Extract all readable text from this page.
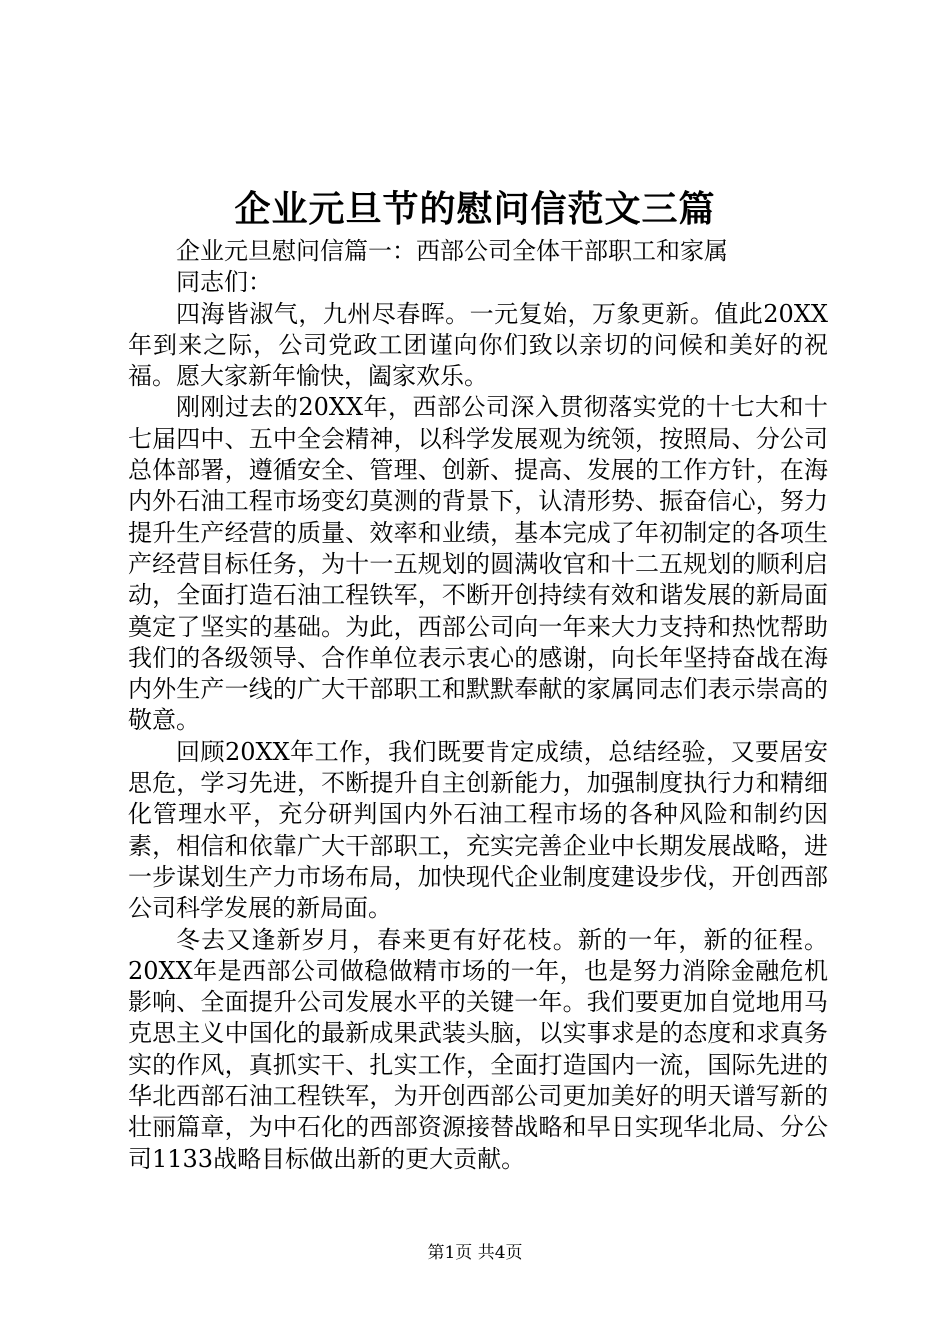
企业元旦节的慰问信范文三篇

企业元旦慰问信篇一：西部公司全体干部职工和家属

同志们：

四海皆淑气，九州尽春晖。一元复始，万象更新。值此20XX年到来之际，公司党政工团谨向你们致以亲切的问候和美好的祝福。愿大家新年愉快，阖家欢乐。

刚刚过去的20XX年，西部公司深入贯彻落实党的十七大和十七届四中、五中全会精神，以科学发展观为统领，按照局、分公司总体部署，遵循安全、管理、创新、提高、发展的工作方针，在海内外石油工程市场变幻莫测的背景下，认清形势、振奋信心，努力提升生产经营的质量、效率和业绩，基本完成了年初制定的各项生产经营目标任务，为十一五规划的圆满收官和十二五规划的顺利启动，全面打造石油工程铁军，不断开创持续有效和谐发展的新局面奠定了坚实的基础。为此，西部公司向一年来大力支持和热忱帮助我们的各级领导、合作单位表示衷心的感谢，向长年坚持奋战在海内外生产一线的广大干部职工和默默奉献的家属同志们表示崇高的敬意。

回顾20XX年工作，我们既要肯定成绩，总结经验，又要居安思危，学习先进，不断提升自主创新能力，加强制度执行力和精细化管理水平，充分研判国内外石油工程市场的各种风险和制约因素，相信和依靠广大干部职工，充实完善企业中长期发展战略，进一步谋划生产力市场布局，加快现代企业制度建设步伐，开创西部公司科学发展的新局面。

冬去又逢新岁月，春来更有好花枝。新的一年，新的征程。20XX年是西部公司做稳做精市场的一年，也是努力消除金融危机影响、全面提升公司发展水平的关键一年。我们要更加自觉地用马克思主义中国化的最新成果武装头脑，以实事求是的态度和求真务实的作风，真抓实干、扎实工作，全面打造国内一流，国际先进的华北西部石油工程铁军，为开创西部公司更加美好的明天谱写新的壮丽篇章，为中石化的西部资源接替战略和早日实现华北局、分公司1133战略目标做出新的更大贡献。

第1页 共4页
